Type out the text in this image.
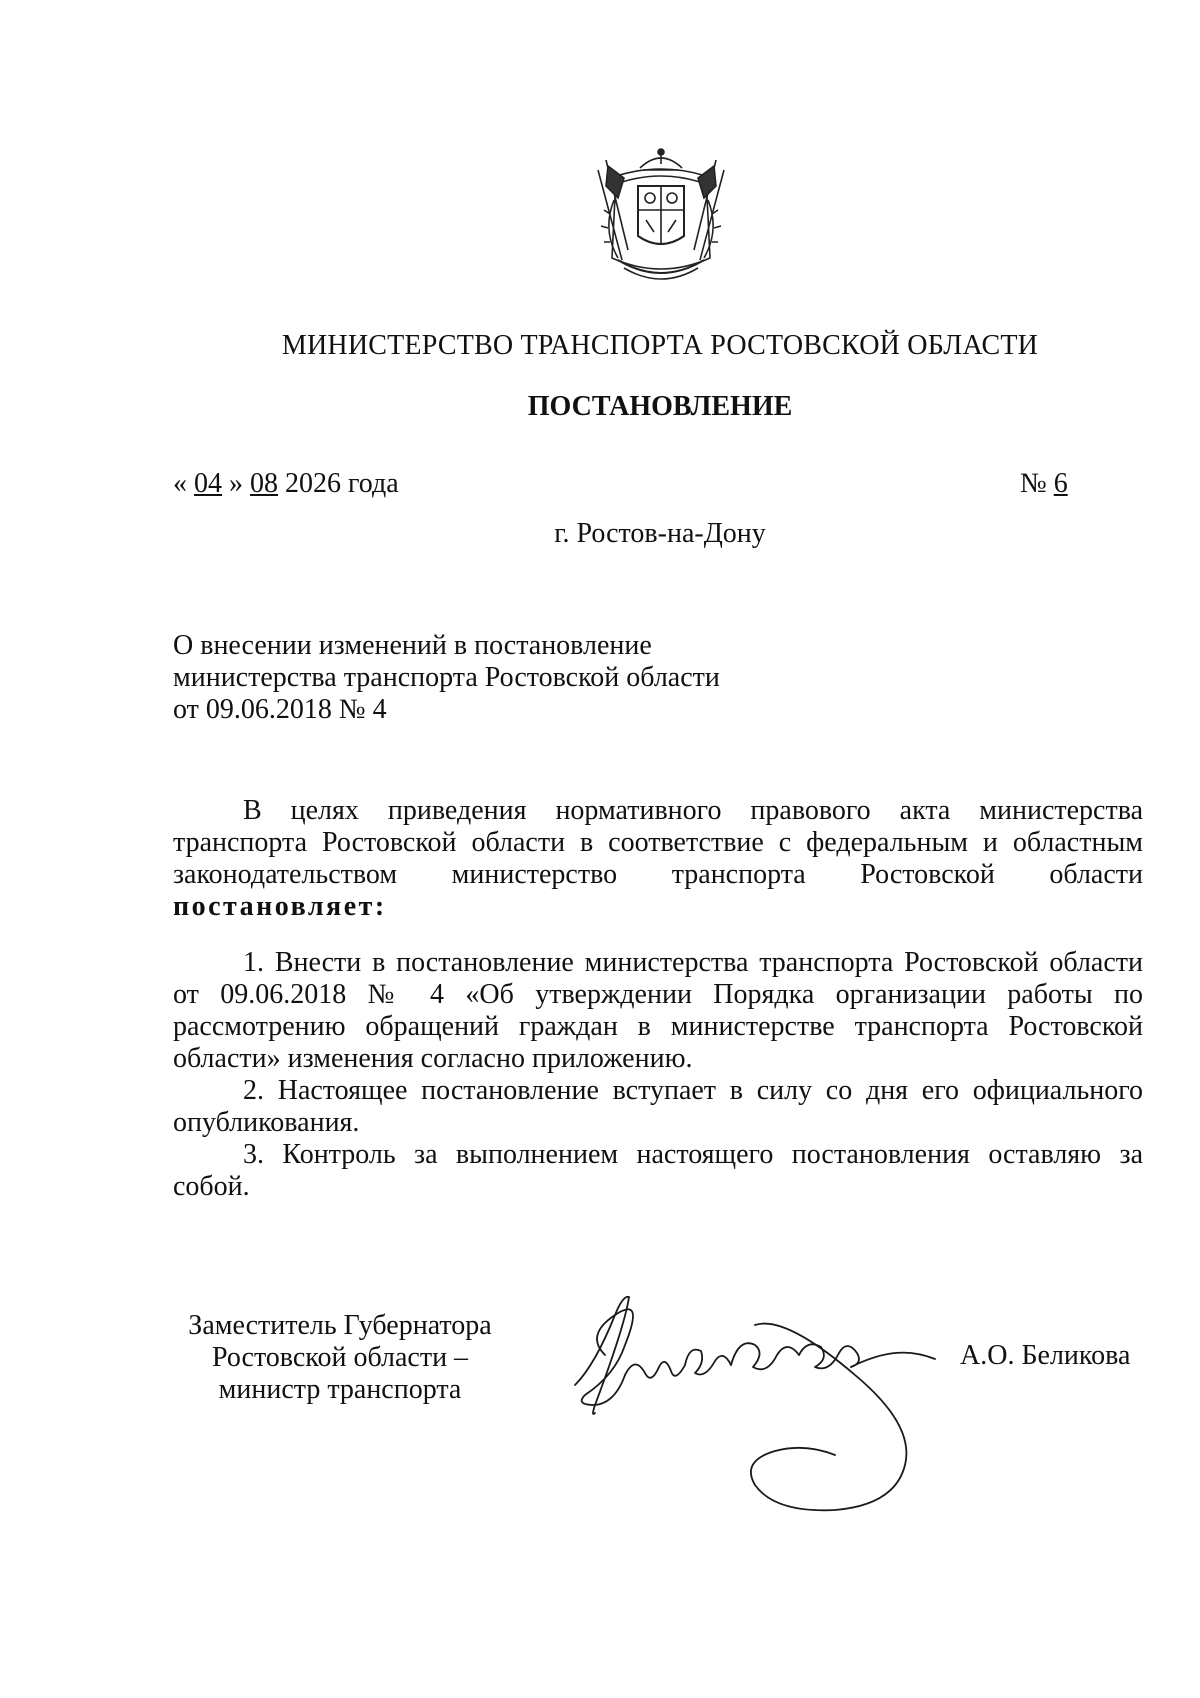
МИНИСТЕРСТВО ТРАНСПОРТА РОСТОВСКОЙ ОБЛАСТИ
ПОСТАНОВЛЕНИЕ
« 04 » 08 2026 года	№ 6
г. Ростов-на-Дону
О внесении изменений в постановление
министерства транспорта Ростовской области
от 09.06.2018 № 4

В целях приведения нормативного правового акта министерства транспорта Ростовской области в соответствие с федеральным и областным законодательством министерство транспорта Ростовской области постановляет:

1. Внести в постановление министерства транспорта Ростовской области от 09.06.2018 № 4 «Об утверждении Порядка организации работы по рассмотрению обращений граждан в министерстве транспорта Ростовской области» изменения согласно приложению.

2. Настоящее постановление вступает в силу со дня его официального опубликования.

3. Контроль за выполнением настоящего постановления оставляю за собой.

Заместитель Губернатора
Ростовской области –
министр транспорта
А.О. Беликова
